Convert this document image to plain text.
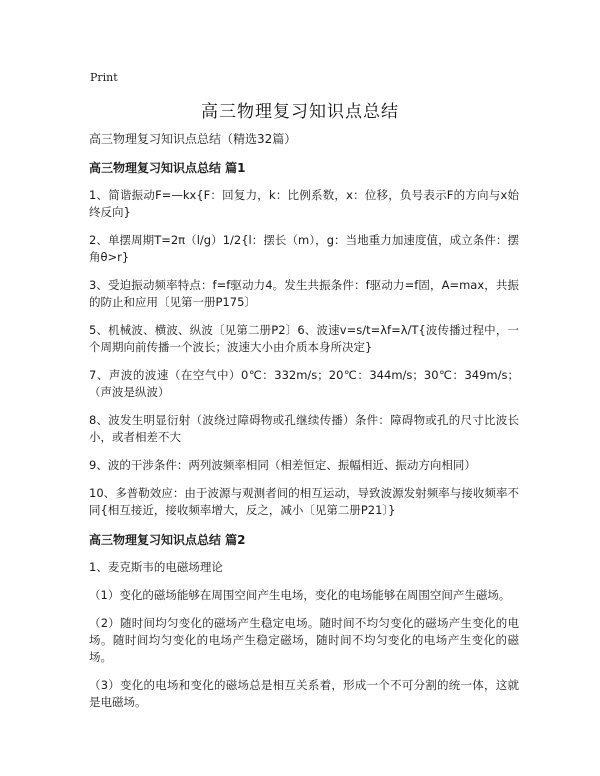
Print
高三物理复习知识点总结
高三物理复习知识点总结（精选32篇）
高三物理复习知识点总结 篇1

1、简谐振动F=—kx{F：回复力，k：比例系数，x：位移，负号表示F的方向与x始终反向}

2、单摆周期T=2π（l/g）1/2{l：摆长（m），g：当地重力加速度值，成立条件：摆角θ>r}

3、受迫振动频率特点：f=f驱动力4。发生共振条件：f驱动力=f固，A=max，共振的防止和应用〔见第一册P175〕

5、机械波、横波、纵波〔见第二册P2〕6、波速v=s/t=λf=λ/T{波传播过程中，一个周期向前传播一个波长；波速大小由介质本身所决定}

7、声波的波速（在空气中）0℃：332m/s；20℃：344m/s；30℃：349m/s；（声波是纵波）

8、波发生明显衍射（波绕过障碍物或孔继续传播）条件：障碍物或孔的尺寸比波长小，或者相差不大

9、波的干涉条件：两列波频率相同（相差恒定、振幅相近、振动方向相同）

10、多普勒效应：由于波源与观测者间的相互运动，导致波源发射频率与接收频率不同{相互接近，接收频率增大，反之，减小〔见第二册P21〕}

高三物理复习知识点总结 篇2

1、麦克斯韦的电磁场理论

（1）变化的磁场能够在周围空间产生电场，变化的电场能够在周围空间产生磁场。

（2）随时间均匀变化的磁场产生稳定电场。随时间不均匀变化的磁场产生变化的电场。随时间均匀变化的电场产生稳定磁场，随时间不均匀变化的电场产生变化的磁场。

（3）变化的电场和变化的磁场总是相互关系着，形成一个不可分割的统一体，这就是电磁场。
